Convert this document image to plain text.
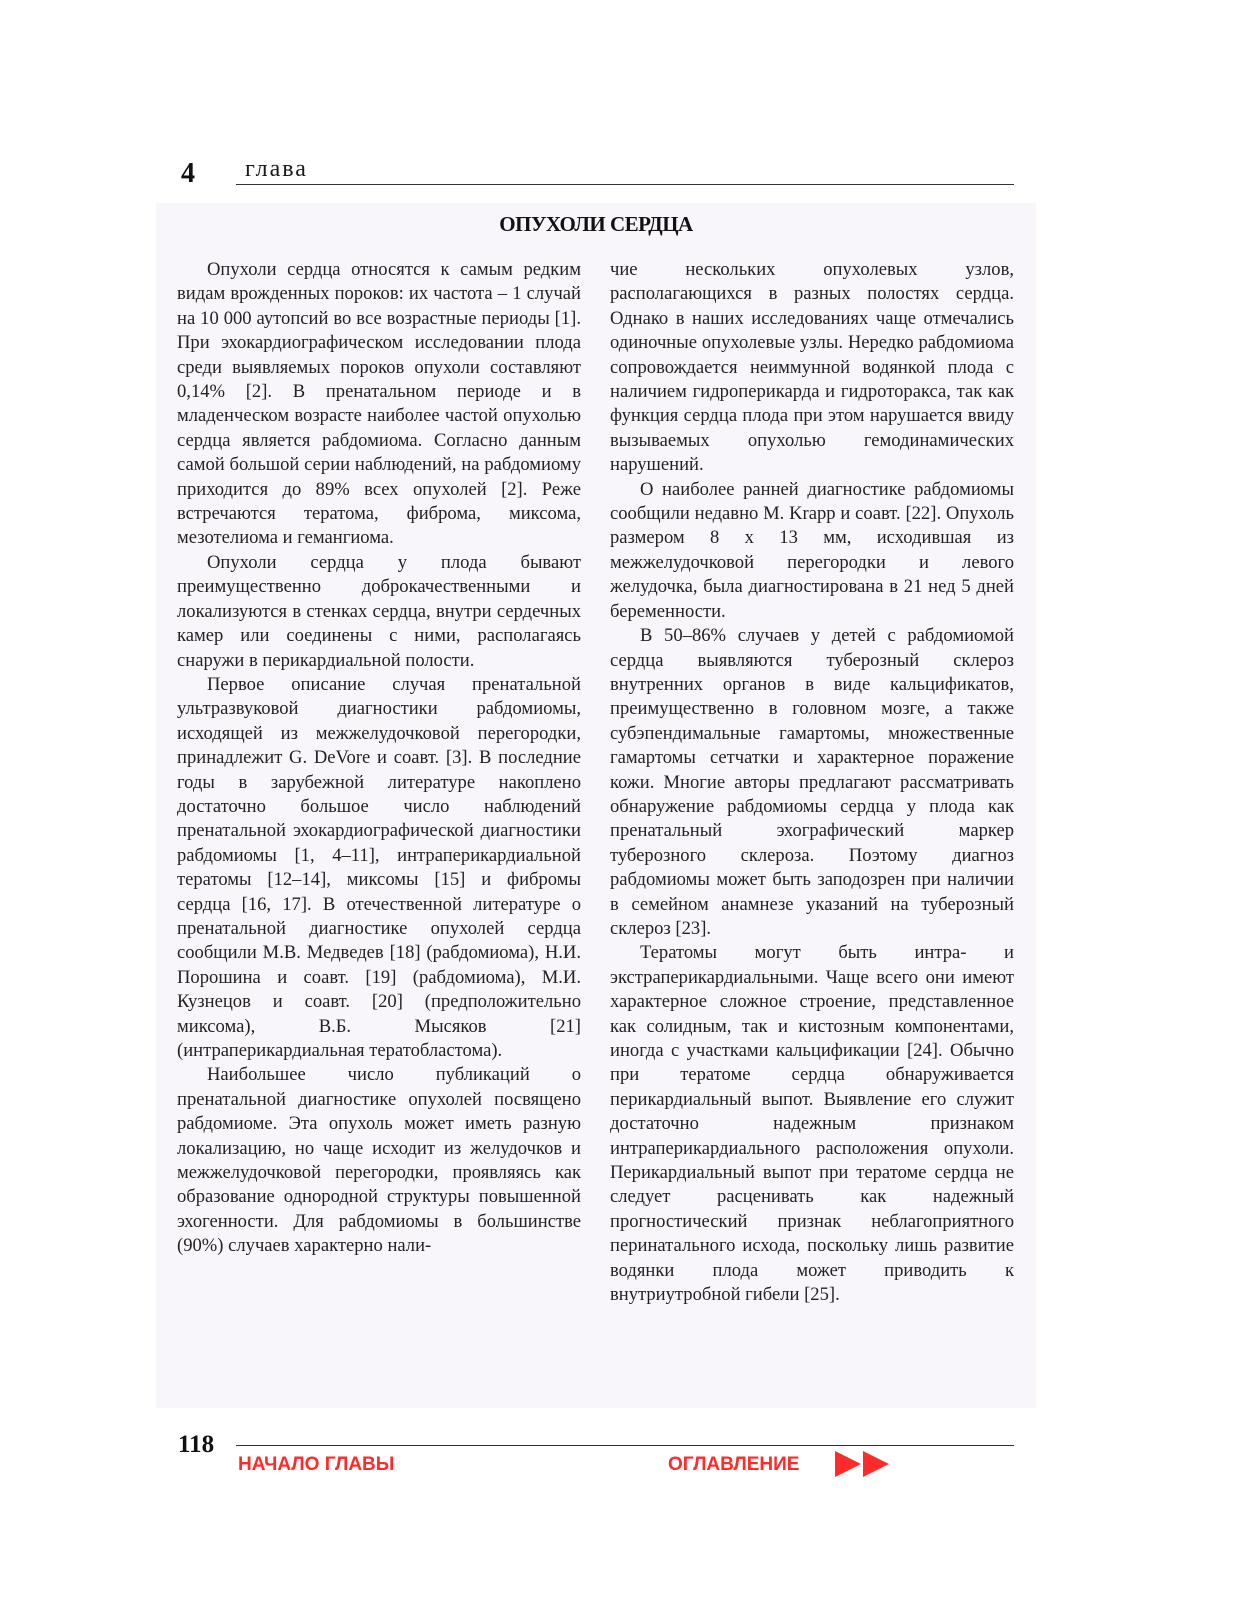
4 глава
ОПУХОЛИ СЕРДЦА

Опухоли сердца относятся к самым редким видам врожденных пороков: их частота – 1 случай на 10 000 аутопсий во все возрастные периоды [1]. При эхокардиографическом исследовании плода среди выявляемых пороков опухоли составляют 0,14% [2]. В пренатальном периоде и в младенческом возрасте наиболее частой опухолью сердца является рабдомиома. Согласно данным самой большой серии наблюдений, на рабдомиому приходится до 89% всех опухолей [2]. Реже встречаются тератома, фиброма, миксома, мезотелиома и гемангиома.

Опухоли сердца у плода бывают преимущественно доброкачественными и локализуются в стенках сердца, внутри сердечных камер или соединены с ними, располагаясь снаружи в перикардиальной полости.

Первое описание случая пренатальной ультразвуковой диагностики рабдомиомы, исходящей из межжелудочковой перегородки, принадлежит G. DeVore и соавт. [3]. В последние годы в зарубежной литературе накоплено достаточно большое число наблюдений пренатальной эхокардиографической диагностики рабдомиомы [1, 4–11], интраперикардиальной тератомы [12–14], миксомы [15] и фибромы сердца [16, 17]. В отечественной литературе о пренатальной диагностике опухолей сердца сообщили М.В. Медведев [18] (рабдомиома), Н.И. Порошина и соавт. [19] (рабдомиома), М.И. Кузнецов и соавт. [20] (предположительно миксома), В.Б. Мысяков [21] (интраперикардиальная тератобластома).

Наибольшее число публикаций о пренатальной диагностике опухолей посвящено рабдомиоме. Эта опухоль может иметь разную локализацию, но чаще исходит из желудочков и межжелудочковой перегородки, проявляясь как образование однородной структуры повышенной эхогенности. Для рабдомиомы в большинстве (90%) случаев характерно нали-

чие нескольких опухолевых узлов, располагающихся в разных полостях сердца. Однако в наших исследованиях чаще отмечались одиночные опухолевые узлы. Нередко рабдомиома сопровождается неиммунной водянкой плода с наличием гидроперикарда и гидроторакса, так как функция сердца плода при этом нарушается ввиду вызываемых опухолью гемодинамических нарушений.

О наиболее ранней диагностике рабдомиомы сообщили недавно M. Krapp и соавт. [22]. Опухоль размером 8 x 13 мм, исходившая из межжелудочковой перегородки и левого желудочка, была диагностирована в 21 нед 5 дней беременности.

В 50–86% случаев у детей с рабдомиомой сердца выявляются туберозный склероз внутренних органов в виде кальцификатов, преимущественно в головном мозге, а также субэпендимальные гамартомы, множественные гамартомы сетчатки и характерное поражение кожи. Многие авторы предлагают рассматривать обнаружение рабдомиомы сердца у плода как пренатальный эхографический маркер туберозного склероза. Поэтому диагноз рабдомиомы может быть заподозрен при наличии в семейном анамнезе указаний на туберозный склероз [23].

Тератомы могут быть интра- и экстраперикардиальными. Чаще всего они имеют характерное сложное строение, представленное как солидным, так и кистозным компонентами, иногда с участками кальцификации [24]. Обычно при тератоме сердца обнаруживается перикардиальный выпот. Выявление его служит достаточно надежным признаком интраперикардиального расположения опухоли. Перикардиальный выпот при тератоме сердца не следует расценивать как надежный прогностический признак неблагоприятного перинатального исхода, поскольку лишь развитие водянки плода может приводить к внутриутробной гибели [25].

118
НАЧАЛО ГЛАВЫ	ОГЛАВЛЕНИЕ
